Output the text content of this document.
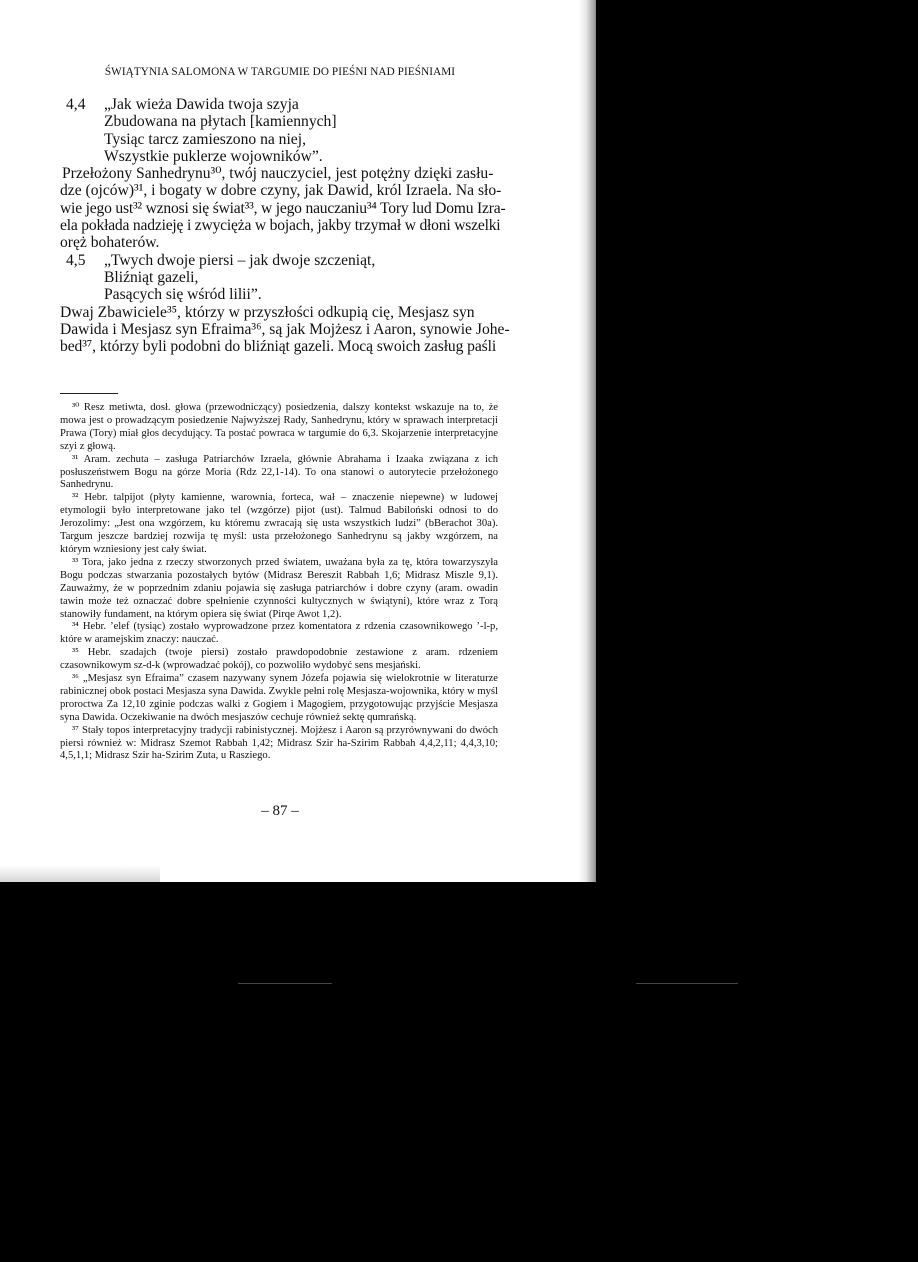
ŚWIĄTYNIA SALOMONA W TARGUMIE DO PIEŚNI NAD PIEŚNIAMI
4,4	„Jak wieża Dawida twoja szyja
Zbudowana na płytach [kamiennych]
Tysiąc tarcz zamieszono na niej,
Wszystkie puklerze wojowników”.
Przełożony Sanhedrynu³⁰, twój nauczyciel, jest potężny dzięki zasłu-
dze (ojców)³¹, i bogaty w dobre czyny, jak Dawid, król Izraela. Na sło-
wie jego ust³² wznosi się świat³³, w jego nauczaniu³⁴ Tory lud Domu Izra-
ela pokłada nadzieję i zwycięża w bojach, jakby trzymał w dłoni wszelki
oręż bohaterów.
4,5	„Twych dwoje piersi – jak dwoje szczeniąt,
Bliźniąt gazeli,
Pasących się wśród lilii”.
Dwaj Zbawiciele³⁵, którzy w przyszłości odkupią cię, Mesjasz syn
Dawida i Mesjasz syn Efraima³⁶, są jak Mojżesz i Aaron, synowie Johe-
bed³⁷, którzy byli podobni do bliźniąt gazeli. Mocą swoich zasług paśli

³⁰ Resz metiwta, dosł. głowa (przewodniczący) posiedzenia, dalszy kontekst wskazuje na to, że mowa jest o prowadzącym posiedzenie Najwyższej Rady, Sanhedrynu, który w sprawach interpretacji Prawa (Tory) miał głos decydujący. Ta postać powraca w targumie do 6,3. Skojarzenie interpretacyjne szyi z głową.

³¹ Aram. zechuta – zasługa Patriarchów Izraela, głównie Abrahama i Izaaka związana z ich posłuszeństwem Bogu na górze Moria (Rdz 22,1-14). To ona stanowi o autorytecie przełożonego Sanhedrynu.

³² Hebr. talpijot (płyty kamienne, warownia, forteca, wał – znaczenie niepewne) w ludowej etymologii było interpretowane jako tel (wzgórze) pijot (ust). Talmud Babiloński odnosi to do Jerozolimy: „Jest ona wzgórzem, ku któremu zwracają się usta wszystkich ludzi” (bBerachot 30a). Targum jeszcze bardziej rozwija tę myśl: usta przełożonego Sanhedrynu są jakby wzgórzem, na którym wzniesiony jest cały świat.

³³ Tora, jako jedna z rzeczy stworzonych przed światem, uważana była za tę, która towarzyszyła Bogu podczas stwarzania pozostałych bytów (Midrasz Bereszit Rabbah 1,6; Midrasz Miszle 9,1). Zauważmy, że w poprzednim zdaniu pojawia się zasługa patriarchów i dobre czyny (aram. owadin tawin może też oznaczać dobre spełnienie czynności kultycznych w świątyni), które wraz z Torą stanowiły fundament, na którym opiera się świat (Pirqe Awot 1,2).

³⁴ Hebr. ’elef (tysiąc) zostało wyprowadzone przez komentatora z rdzenia czasownikowego ’-l-p, które w aramejskim znaczy: nauczać.

³⁵ Hebr. szadajch (twoje piersi) zostało prawdopodobnie zestawione z aram. rdzeniem czasownikowym sz-d-k (wprowadzać pokój), co pozwoliło wydobyć sens mesjański.

³⁶ „Mesjasz syn Efraima” czasem nazywany synem Józefa pojawia się wielokrotnie w literaturze rabinicznej obok postaci Mesjasza syna Dawida. Zwykle pełni rolę Mesjasza-wojownika, który w myśl proroctwa Za 12,10 zginie podczas walki z Gogiem i Magogiem, przygotowując przyjście Mesjasza syna Dawida. Oczekiwanie na dwóch mesjaszów cechuje również sektę qumrańską.

³⁷ Stały topos interpretacyjny tradycji rabinistycznej. Mojżesz i Aaron są przyrównywani do dwóch piersi również w: Midrasz Szemot Rabbah 1,42; Midrasz Szir ha-Szirim Rabbah 4,4,2,11; 4,4,3,10; 4,5,1,1; Midrasz Szir ha-Szirim Zuta, u Rasziego.

– 87 –
